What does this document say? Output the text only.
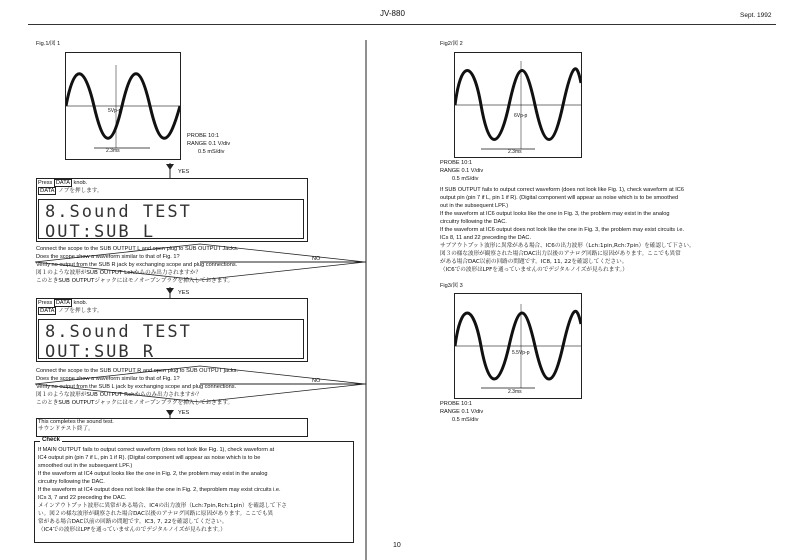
JV-880	Sept. 1992
10
Fig.1/図 1
5Vp-p
2.3ms
PROBE 10:1
RANGE 0.1 V/div
0.5 mS/div
YES
Press DATA knob.
DATA ノブを押します。
8.Sound TEST
OUT:SUB L
Connect the scope to the SUB OUTPUT L and open plug to SUB OUTPUT Jacks.
Does the scope show a waveform similar to that of Fig. 1?
Verify no output from the SUB R jack by exchanging scope and plug connections.
図１のような波形がSUB OUTPUT Lchからのみ出力されますか？
このときSUB OUTPUTジャックにはモノオープンプラグを挿入しておきます。
NO
YES
Press DATA knob.
DATA ノブを押します。
8.Sound TEST
OUT:SUB R
Connect the scope to the SUB OUTPUT R and open plug to SUB OUTPUT jacks.
Does the scope show a waveform similar to that of Fig. 1?
Verify no output from the SUB L jack by exchanging scope and plug connections.
図１のような波形がSUB OUTPUT Rchからのみ出力されますか？
このときSUB OUTPUTジャックにはモノオープンプラグを挿入しておきます。
NO
YES
This completes the sound test.
サウンドテスト終了。
Check
If MAIN OUTPUT fails to output correct waveform (does not look like Fig. 1), check waveform at
IC4 output pin (pin 7 if L, pin 1 if R). (Digital component will appear as noise which is to be
smoothed out in the subsequent LPF.)
If the waveform at IC4 output looks like the one in Fig. 2, the problem may exist in the analog
circuitry following the DAC.
If the waveform at IC4 output does not look like the one in Fig. 2, theproblem may exist circuits i.e.
ICs 3, 7 and 22 preceding the DAC.
メインアウトプット波形に異常がある場合、IC4の出力波形（Lch:7pin,Rch:1pin）を確認して下さ
い。図２の様な波形が観察された場合DAC以後のアナログ回路に原因があります。ここでも異
常がある場合DAC以前の回路の問題です。IC3, 7, 22を確認してください。
（IC4での波形はLPFを通っていませんのでデジタルノイズが見られます。）
Fig2/図 2
6Vp-p
2.3ms
PROBE 10:1
RANGE 0.1 V/div
0.5 mS/div
If SUB OUTPUT fails to output correct waveform (does not look like Fig. 1), check waveform at IC6
output pin (pin 7 if L, pin 1 if R). (Digital component will appear as noise which is to be smoothed
out in the subsequent LPF.)
If the waveform at IC6 output looks like the one in Fig. 3, the problem may exist in the analog
circuitry following the DAC.
If the waveform at IC6 output does not look like the one in Fig. 3, the problem may exist circuits i.e.
ICs 8, 11 and 22 preceding the DAC.
サブアウトプット波形に異常がある場合、IC6の出力波形（Lch:1pin,Rch:7pin）を確認して下さい。
図３の様な波形が観察された場合DAC出力以後のアナログ回路に原因があります。ここでも異常
がある場合DAC以前の回路の問題です。IC8, 11, 22を確認してください。
（IC6での波形はLPFを通っていませんのでデジタルノイズが見られます。）
Fig3/図 3
5.5Vp-p
2.3ms
PROBE 10:1
RANGE 0.1 V/div
0.5 mS/div
